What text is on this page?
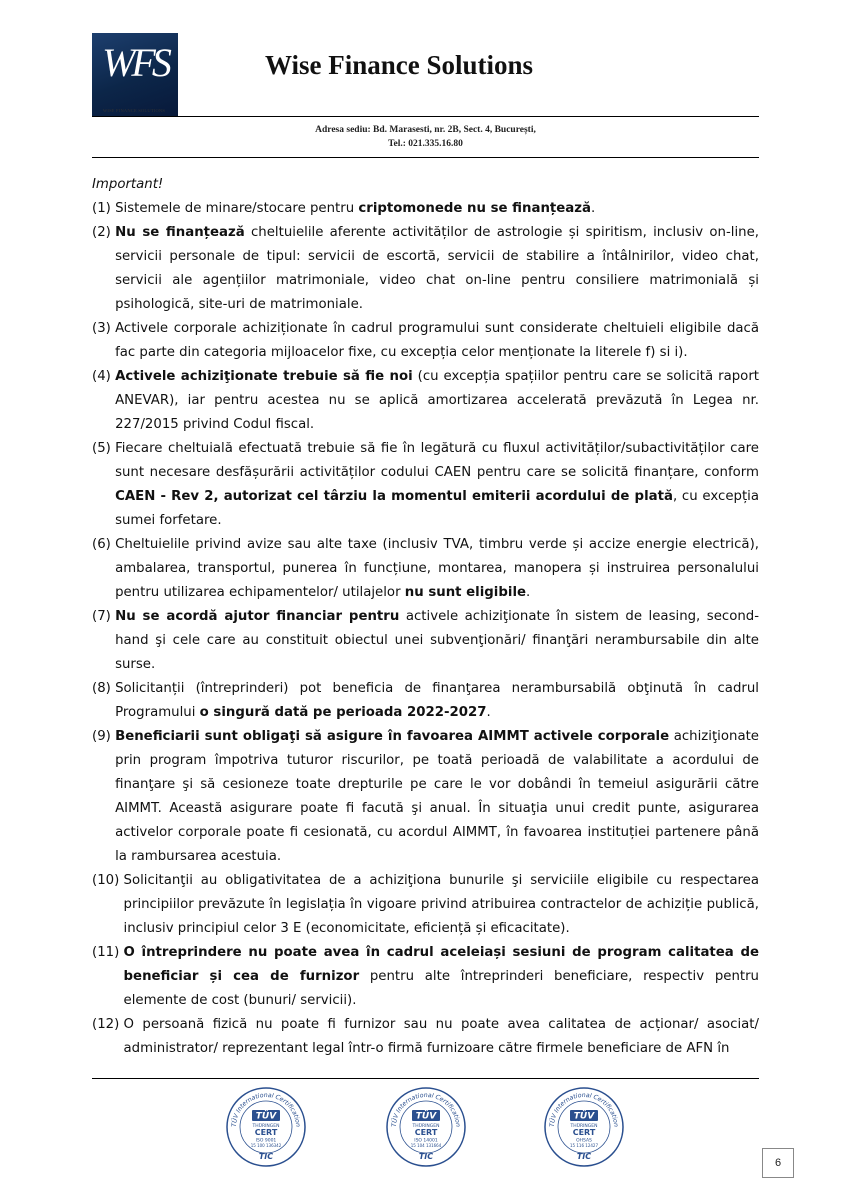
WFS
WISE FINANCE SOLUTIONS
Wise Finance Solutions
Adresa sediu: Bd. Marasesti, nr. 2B, Sect. 4, București,
Tel.: 021.335.16.80
Important!
(1) Sistemele de minare/stocare pentru criptomonede nu se finanțează.
(2) Nu se finanțează cheltuielile aferente activităților de astrologie și spiritism, inclusiv on-line, servicii personale de tipul: servicii de escortă, servicii de stabilire a întâlnirilor, video chat, servicii ale agențiilor matrimoniale, video chat on-line pentru consiliere matrimonială și psihologică, site-uri de matrimoniale.
(3) Activele corporale achiziționate în cadrul programului sunt considerate cheltuieli eligibile dacă fac parte din categoria mijloacelor fixe, cu excepția celor menționate la literele f) si i).
(4) Activele achiziţionate trebuie să fie noi (cu excepția spațiilor pentru care se solicită raport ANEVAR), iar pentru acestea nu se aplică amortizarea accelerată prevăzută în Legea nr. 227/2015 privind Codul fiscal.
(5) Fiecare cheltuială efectuată trebuie să fie în legătură cu fluxul activităților/subactivităților care sunt necesare desfășurării activităților codului CAEN pentru care se solicită finanțare, conform CAEN - Rev 2, autorizat cel târziu la momentul emiterii acordului de plată, cu excepția sumei forfetare.
(6) Cheltuielile privind avize sau alte taxe (inclusiv TVA, timbru verde și accize energie electrică), ambalarea, transportul, punerea în funcțiune, montarea, manopera și instruirea personalului pentru utilizarea echipamentelor/ utilajelor nu sunt eligibile.
(7) Nu se acordă ajutor financiar pentru activele achiziţionate în sistem de leasing, second-hand şi cele care au constituit obiectul unei subvenţionări/ finanţări nerambursabile din alte surse.
(8) Solicitanții (întreprinderi) pot beneficia de finanţarea nerambursabilă obţinută în cadrul Programului o singură dată pe perioada 2022-2027.
(9) Beneficiarii sunt obligaţi să asigure în favoarea AIMMT activele corporale achiziţionate prin program împotriva tuturor riscurilor, pe toată perioadă de valabilitate a acordului de finanţare şi să cesioneze toate drepturile pe care le vor dobândi în temeiul asigurării către AIMMT. Această asigurare poate fi facută şi anual. În situaţia unui credit punte, asigurarea activelor corporale poate fi cesionată, cu acordul AIMMT, în favoarea instituției partenere până la rambursarea acestuia.
(10) Solicitanţii au obligativitatea de a achiziţiona bunurile şi serviciile eligibile cu respectarea principiilor prevăzute în legislația în vigoare privind atribuirea contractelor de achiziție publică, inclusiv principiul celor 3 E (economicitate, eficiență și eficacitate).
(11) O întreprindere nu poate avea în cadrul aceleiași sesiuni de program calitatea de beneficiar și cea de furnizor pentru alte întreprinderi beneficiare, respectiv pentru elemente de cost (bunuri/ servicii).
(12) O persoană fizică nu poate fi furnizor sau nu poate avea calitatea de acționar/ asociat/ administrator/ reprezentant legal într-o firmă furnizoare către firmele beneficiare de AFN în
TÜV International Certification
TÜV
THÜRINGEN
CERT
ISO 9001
15 100 136342
TIC
TÜV International Certification
TÜV
THÜRINGEN
CERT
ISO 14001
15 104 131664
TIC
TÜV International Certification
TÜV
THÜRINGEN
CERT
OHSAS
15 116 12427
TIC
6
